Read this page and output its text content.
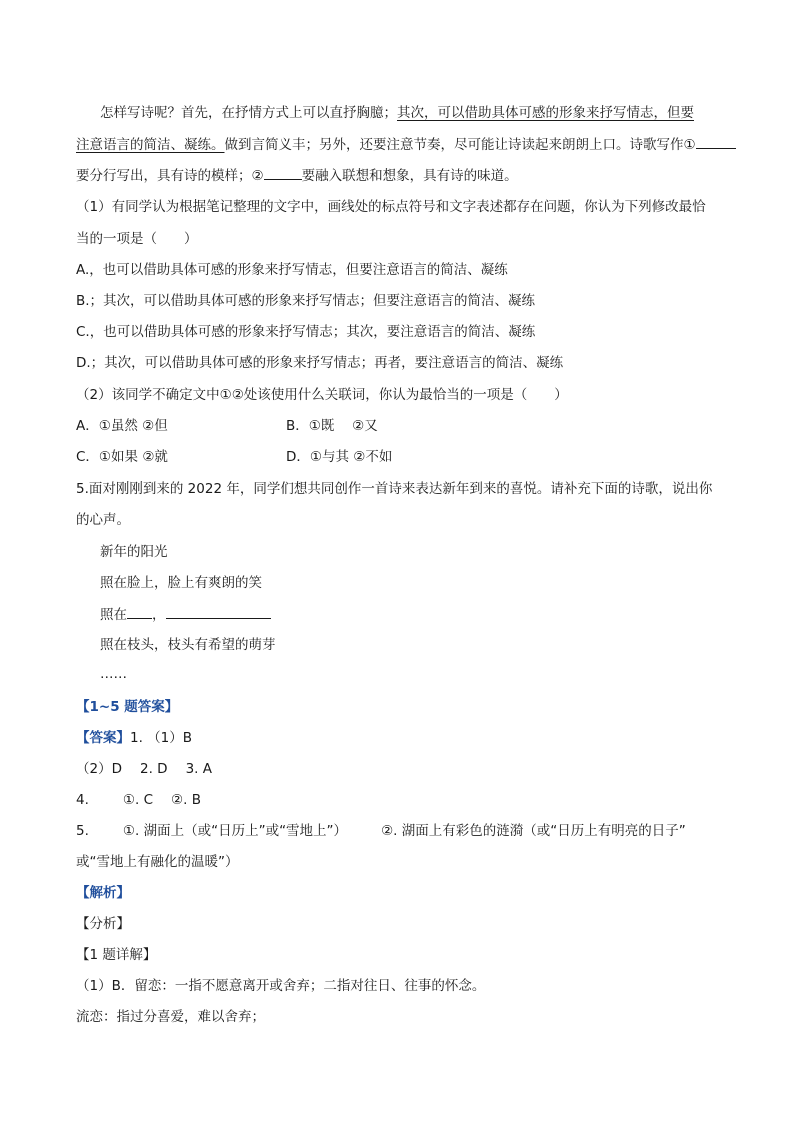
怎样写诗呢？首先，在抒情方式上可以直抒胸臆；其次，可以借助具体可感的形象来抒写情志，但要
注意语言的简洁、凝练。做到言简义丰；另外，还要注意节奏，尽可能让诗读起来朗朗上口。诗歌写作①
要分行写出，具有诗的模样；②	要融入联想和想象，具有诗的味道。
（1）有同学认为根据笔记整理的文字中，画线处的标点符号和文字表述都存在问题，你认为下列修改最恰
当的一项是（　　）
A.，也可以借助具体可感的形象来抒写情志，但要注意语言的简洁、凝练
B.；其次，可以借助具体可感的形象来抒写情志；但要注意语言的简洁、凝练
C.，也可以借助具体可感的形象来抒写情志；其次，要注意语言的简洁、凝练
D.；其次，可以借助具体可感的形象来抒写情志；再者，要注意语言的简洁、凝练
（2）该同学不确定文中①②处该使用什么关联词，你认为最恰当的一项是（　　）
A．①虽然 ②但	B．①既　 ②又
C．①如果 ②就	D．①与其 ②不如
5.面对刚刚到来的 2022 年，同学们想共同创作一首诗来表达新年到来的喜悦。请补充下面的诗歌，说出你
的心声。
新年的阳光
照在脸上，脸上有爽朗的笑
照在 ，
照在枝头，枝头有希望的萌芽
……
【1~5 题答案】
【答案】1. （1）B
（2）D 2. D 3. A
4.	①. C ②. B
5.	①. 湖面上（或“日历上”或“雪地上”）	②. 湖面上有彩色的涟漪（或“日历上有明亮的日子”
或“雪地上有融化的温暖”）
【解析】
【分析】
【1 题详解】
（1）B．留恋：一指不愿意离开或舍弃；二指对往日、往事的怀念。
流恋：指过分喜爱，难以舍弃；
